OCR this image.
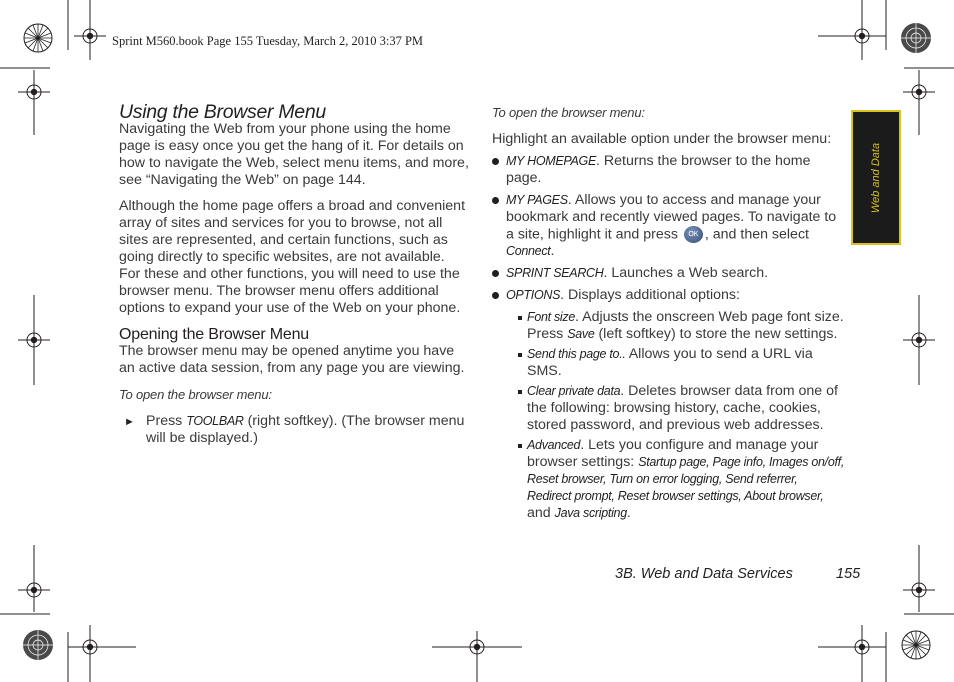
Sprint M560.book Page 155 Tuesday, March 2, 2010 3:37 PM
Web and Data

Using the Browser Menu

Navigating the Web from your phone using the home page is easy once you get the hang of it. For details on how to navigate the Web, select menu items, and more, see “Navigating the Web” on page 144.

Although the home page offers a broad and convenient array of sites and services for you to browse, not all sites are represented, and certain functions, such as going directly to specific websites, are not available. For these and other functions, you will need to use the browser menu. The browser menu offers additional options to expand your use of the Web on your phone.

Opening the Browser Menu

The browser menu may be opened anytime you have an active data session, from any page you are viewing.

To open the browser menu:

► Press TOOLBAR (right softkey). (The browser menu will be displayed.)

To open the browser menu:

Highlight an available option under the browser menu:

MY HOMEPAGE. Returns the browser to the home page.

MY PAGES. Allows you to access and manage your bookmark and recently viewed pages. To navigate to a site, highlight it and press OK , and then select Connect.

SPRINT SEARCH. Launches a Web search.

OPTIONS. Displays additional options:

Font size. Adjusts the onscreen Web page font size. Press Save (left softkey) to store the new settings.

Send this page to.. Allows you to send a URL via SMS.

Clear private data. Deletes browser data from one of the following: browsing history, cache, cookies, stored password, and previous web addresses.

Advanced. Lets you configure and manage your browser settings: Startup page, Page info, Images on/off, Reset browser, Turn on error logging, Send referrer, Redirect prompt, Reset browser settings, About browser, and Java scripting.

3B. Web and Data Services	155
